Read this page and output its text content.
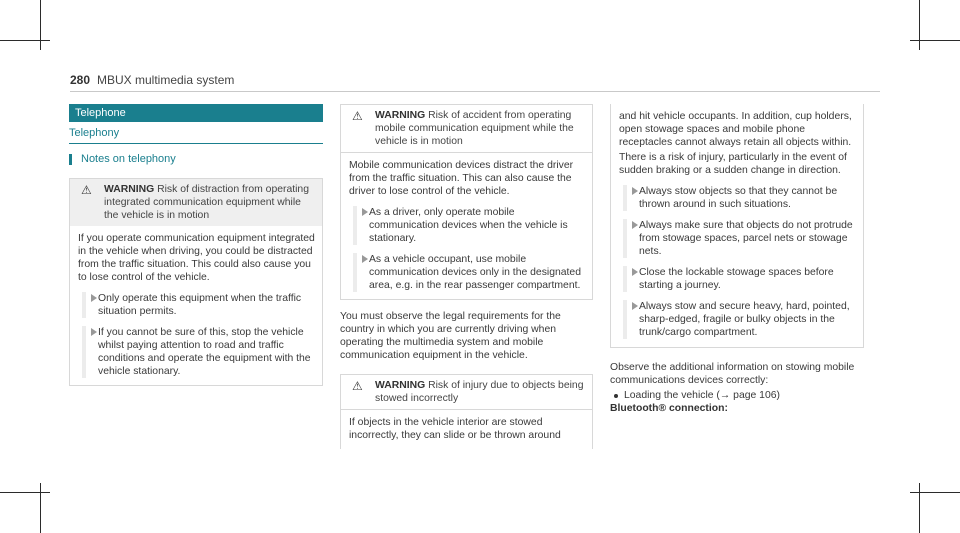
280 MBUX multimedia system
Telephone
Telephony
Notes on telephony
⚠ WARNING Risk of distraction from operating integrated communication equipment while the vehicle is in motion
If you operate communication equipment integrated in the vehicle when driving, you could be distracted from the traffic situation. This could also cause you to lose control of the vehicle.
Only operate this equipment when the traffic situation permits.
If you cannot be sure of this, stop the vehicle whilst paying attention to road and traffic conditions and operate the equipment with the vehicle stationary.
⚠ WARNING Risk of accident from operating mobile communication equipment while the vehicle is in motion
Mobile communication devices distract the driver from the traffic situation. This can also cause the driver to lose control of the vehicle.
As a driver, only operate mobile communication devices when the vehicle is stationary.
As a vehicle occupant, use mobile communication devices only in the designated area, e.g. in the rear passenger compartment.
You must observe the legal requirements for the country in which you are currently driving when operating the multimedia system and mobile communication equipment in the vehicle.
⚠ WARNING Risk of injury due to objects being stowed incorrectly
If objects in the vehicle interior are stowed incorrectly, they can slide or be thrown around
and hit vehicle occupants. In addition, cup holders, open stowage spaces and mobile phone receptacles cannot always retain all objects within.
There is a risk of injury, particularly in the event of sudden braking or a sudden change in direction.
Always stow objects so that they cannot be thrown around in such situations.
Always make sure that objects do not protrude from stowage spaces, parcel nets or stowage nets.
Close the lockable stowage spaces before starting a journey.
Always stow and secure heavy, hard, pointed, sharp-edged, fragile or bulky objects in the trunk/cargo compartment.
Observe the additional information on stowing mobile communications devices correctly:
Loading the vehicle (→ page 106)
Bluetooth® connection:
